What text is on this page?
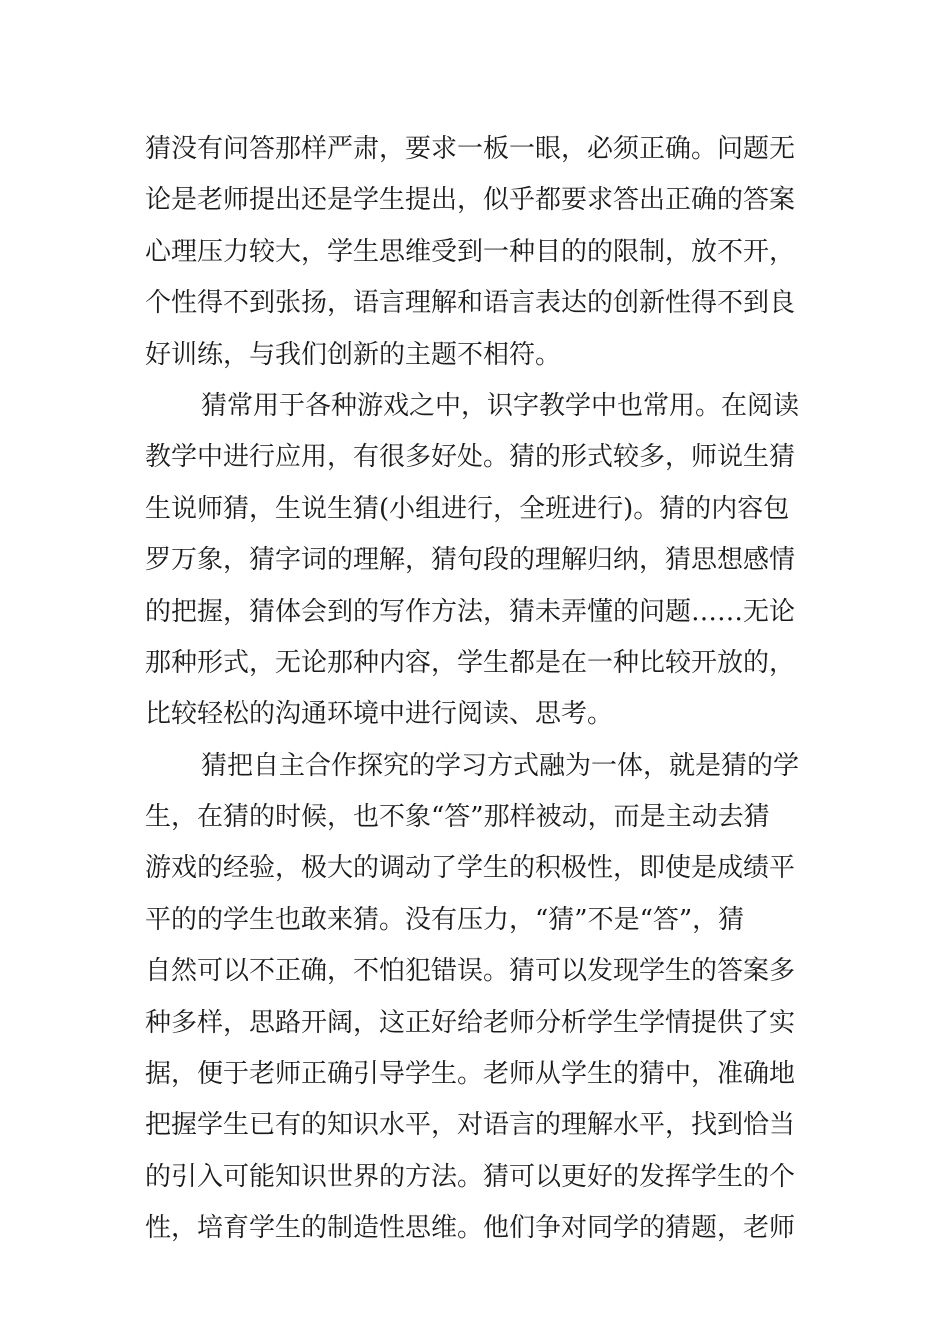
猜没有问答那样严肃，要求一板一眼，必须正确。问题无
论是老师提出还是学生提出，似乎都要求答出正确的答案
心理压力较大，学生思维受到一种目的的限制，放不开，
个性得不到张扬，语言理解和语言表达的创新性得不到良
好训练，与我们创新的主题不相符。
猜常用于各种游戏之中，识字教学中也常用。在阅读
教学中进行应用，有很多好处。猜的形式较多，师说生猜
生说师猜，生说生猜(小组进行，全班进行)。猜的内容包
罗万象，猜字词的理解，猜句段的理解归纳，猜思想感情
的把握，猜体会到的写作方法，猜未弄懂的问题……无论
那种形式，无论那种内容，学生都是在一种比较开放的，
比较轻松的沟通环境中进行阅读、思考。
猜把自主合作探究的学习方式融为一体，就是猜的学
生，在猜的时候，也不象“答”那样被动，而是主动去猜
游戏的经验，极大的调动了学生的积极性，即使是成绩平
平的的学生也敢来猜。没有压力，“猜”不是“答”，猜
自然可以不正确，不怕犯错误。猜可以发现学生的答案多
种多样，思路开阔，这正好给老师分析学生学情提供了实
据，便于老师正确引导学生。老师从学生的猜中，准确地
把握学生已有的知识水平，对语言的理解水平，找到恰当
的引入可能知识世界的方法。猜可以更好的发挥学生的个
性，培育学生的制造性思维。他们争对同学的猜题，老师
